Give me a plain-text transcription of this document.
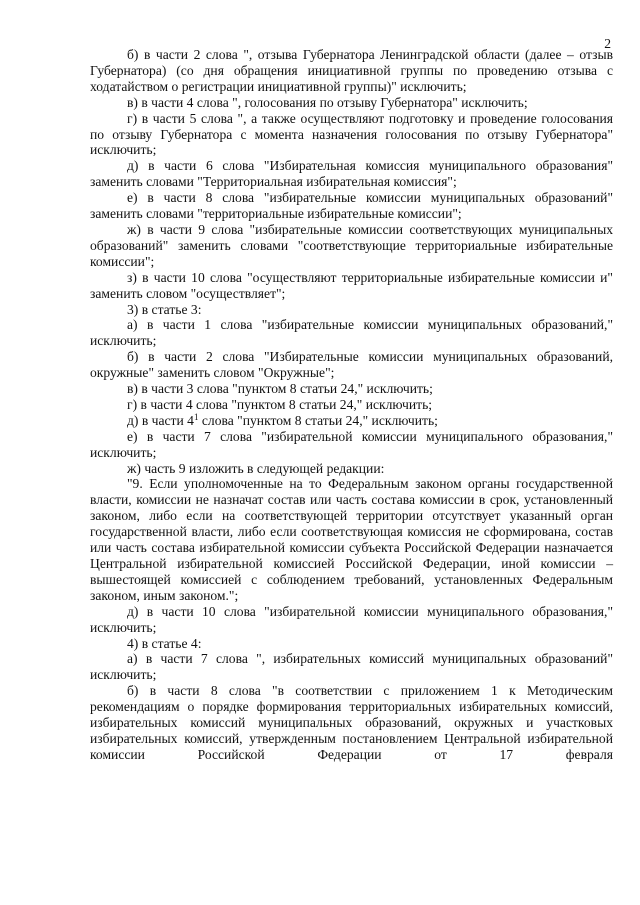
2

б) в части 2 слова ", отзыва Губернатора Ленинградской области (далее – отзыв Губернатора) (со дня обращения инициативной группы по проведению отзыва с ходатайством о регистрации инициативной группы)" исключить;

в) в части 4 слова ", голосования по отзыву Губернатора" исключить;

г) в части 5 слова ", а также осуществляют подготовку и проведение голосования по отзыву Губернатора с момента назначения голосования по отзыву Губернатора" исключить;

д) в части 6 слова "Избирательная комиссия муниципального образования" заменить словами "Территориальная избирательная комиссия";

е) в части 8 слова "избирательные комиссии муниципальных образований" заменить словами "территориальные избирательные комиссии";

ж) в части 9 слова "избирательные комиссии соответствующих муниципальных образований" заменить словами "соответствующие территориальные избирательные комиссии";

з) в части 10 слова "осуществляют территориальные избирательные комиссии и" заменить словом "осуществляет";

3) в статье 3:

а) в части 1 слова "избирательные комиссии муниципальных образований," исключить;

б) в части 2 слова "Избирательные комиссии муниципальных образований, окружные" заменить словом "Окружные";

в) в части 3 слова "пунктом 8 статьи 24," исключить;

г) в части 4 слова "пунктом 8 статьи 24," исключить;

д) в части $4^1$ слова "пунктом 8 статьи 24," исключить;

е) в части 7 слова "избирательной комиссии муниципального образования," исключить;

ж) часть 9 изложить в следующей редакции:

"9. Если уполномоченные на то Федеральным законом органы государственной власти, комиссии не назначат состав или часть состава комиссии в срок, установленный законом, либо если на соответствующей территории отсутствует указанный орган государственной власти, либо если соответствующая комиссия не сформирована, состав или часть состава избирательной комиссии субъекта Российской Федерации назначается Центральной избирательной комиссией Российской Федерации, иной комиссии – вышестоящей комиссией с соблюдением требований, установленных Федеральным законом, иным законом.";

д) в части 10 слова "избирательной комиссии муниципального образования," исключить;

4) в статье 4:

а) в части 7 слова ", избирательных комиссий муниципальных образований" исключить;

б) в части 8 слова "в соответствии с приложением 1 к Методическим рекомендациям о порядке формирования территориальных избирательных комиссий, избирательных комиссий муниципальных образований, окружных и участковых избирательных комиссий, утвержденным постановлением Центральной избирательной комиссии Российской Федерации от 17 февраля
